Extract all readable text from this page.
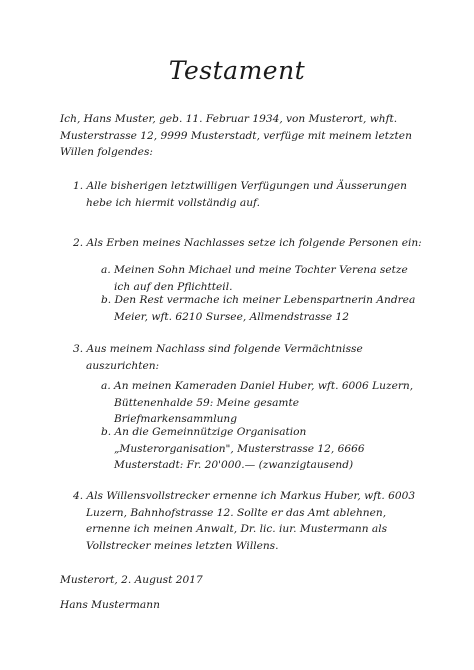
Testament
Ich, Hans Muster, geb. 11. Februar 1934, von Musterort, whft.
Musterstrasse 12, 9999 Musterstadt, verfüge mit meinem letzten
Willen folgendes:
1. Alle bisherigen letztwilligen Verfügungen und Äusserungen
hebe ich hiermit vollständig auf.
2. Als Erben meines Nachlasses setze ich folgende Personen ein:
a. Meinen Sohn Michael und meine Tochter Verena setze
ich auf den Pflichtteil.
b. Den Rest vermache ich meiner Lebenspartnerin Andrea
Meier, wft. 6210 Sursee, Allmendstrasse 12
3. Aus meinem Nachlass sind folgende Vermächtnisse
auszurichten:
a. An meinen Kameraden Daniel Huber, wft. 6006 Luzern,
Büttenenhalde 59: Meine gesamte
Briefmarkensammlung
b. An die Gemeinnützige Organisation
„Musterorganisation", Musterstrasse 12, 6666
Musterstadt: Fr. 20'000.— (zwanzigtausend)
4. Als Willensvollstrecker ernenne ich Markus Huber, wft. 6003
Luzern, Bahnhofstrasse 12. Sollte er das Amt ablehnen,
ernenne ich meinen Anwalt, Dr. lic. iur. Mustermann als
Vollstrecker meines letzten Willens.
Musterort, 2. August 2017
Hans Mustermann
